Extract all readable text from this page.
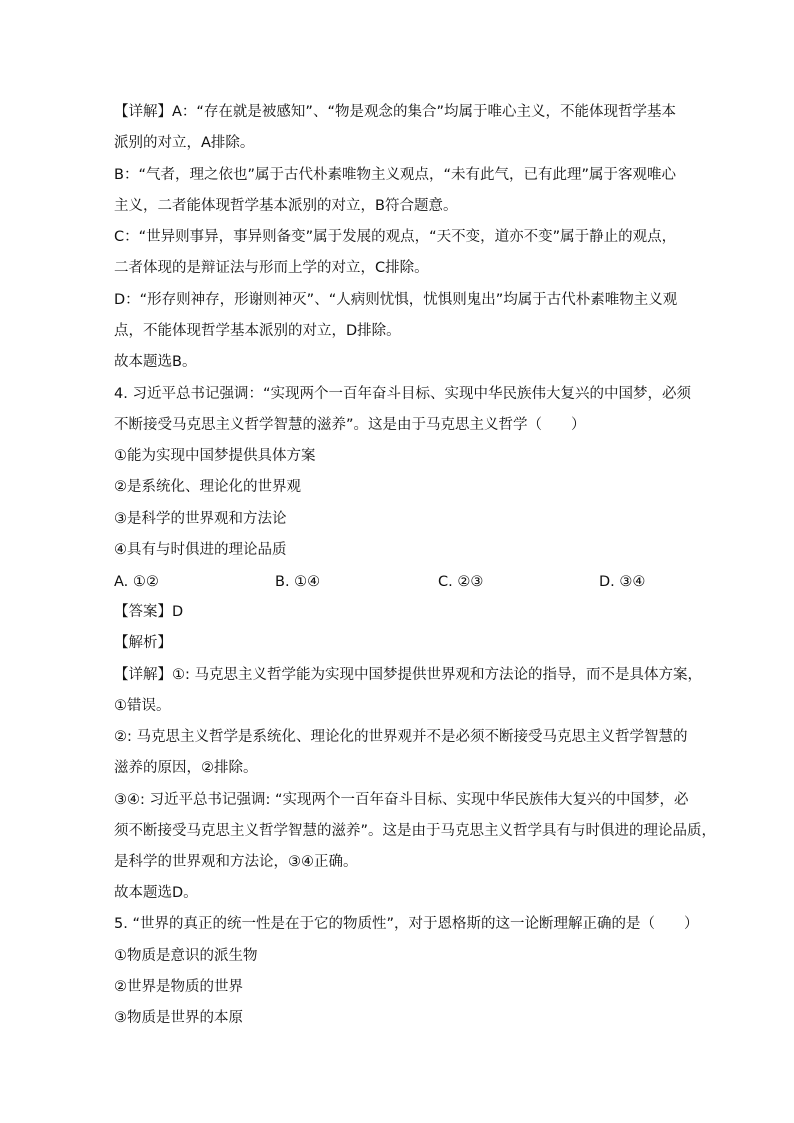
【详解】A：“存在就是被感知”、“物是观念的集合”均属于唯心主义，不能体现哲学基本
派别的对立，A排除。
B：“气者，理之依也”属于古代朴素唯物主义观点，“未有此气，已有此理”属于客观唯心
主义，二者能体现哲学基本派别的对立，B符合题意。
C：“世异则事异，事异则备变”属于发展的观点，“天不变，道亦不变”属于静止的观点，
二者体现的是辩证法与形而上学的对立，C排除。
D：“形存则神存，形谢则神灭”、“人病则忧惧，忧惧则鬼出”均属于古代朴素唯物主义观
点，不能体现哲学基本派别的对立，D排除。
故本题选B。
4. 习近平总书记强调：“实现两个一百年奋斗目标、实现中华民族伟大复兴的中国梦，必须
不断接受马克思主义哲学智慧的滋养”。这是由于马克思主义哲学（　　）
①能为实现中国梦提供具体方案
②是系统化、理论化的世界观
③是科学的世界观和方法论
④具有与时俱进的理论品质
A. ①②	B. ①④	C. ②③	D. ③④
【答案】D
【解析】
【详解】①: 马克思主义哲学能为实现中国梦提供世界观和方法论的指导，而不是具体方案，
①错误。
②: 马克思主义哲学是系统化、理论化的世界观并不是必须不断接受马克思主义哲学智慧的
滋养的原因，②排除。
③④: 习近平总书记强调: “实现两个一百年奋斗目标、实现中华民族伟大复兴的中国梦，必
须不断接受马克思主义哲学智慧的滋养”。这是由于马克思主义哲学具有与时俱进的理论品质，
是科学的世界观和方法论，③④正确。
故本题选D。
5. “世界的真正的统一性是在于它的物质性”，对于恩格斯的这一论断理解正确的是（　　）
①物质是意识的派生物
②世界是物质的世界
③物质是世界的本原
